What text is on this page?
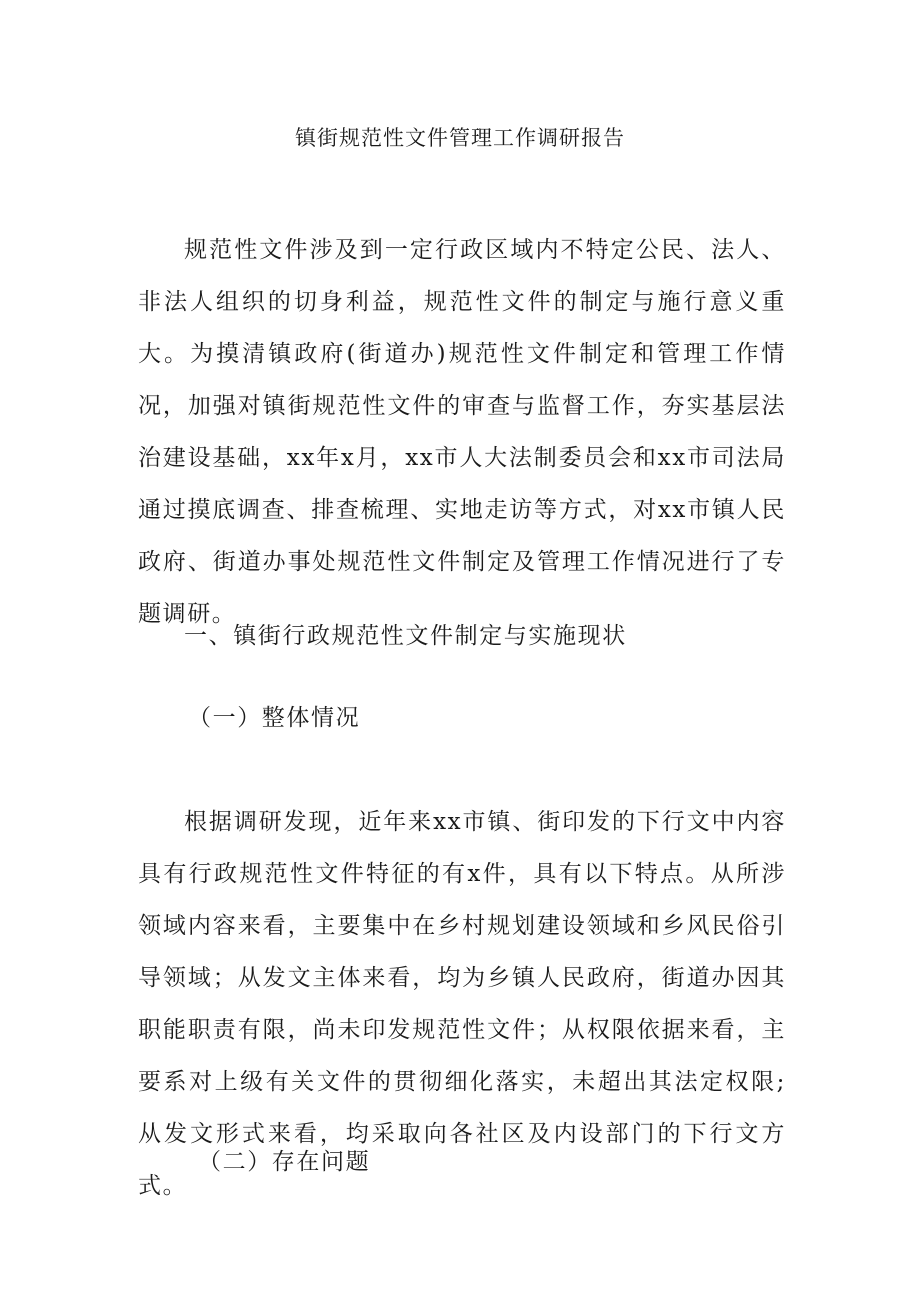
镇街规范性文件管理工作调研报告

规范性文件涉及到一定行政区域内不特定公民、法人、非法人组织的切身利益，规范性文件的制定与施行意义重大。为摸清镇政府(街道办)规范性文件制定和管理工作情况，加强对镇街规范性文件的审查与监督工作，夯实基层法治建设基础，xx年x月，xx市人大法制委员会和xx市司法局通过摸底调查、排查梳理、实地走访等方式，对xx市镇人民政府、街道办事处规范性文件制定及管理工作情况进行了专题调研。

一、镇街行政规范性文件制定与实施现状

（一）整体情况

根据调研发现，近年来xx市镇、街印发的下行文中内容具有行政规范性文件特征的有x件，具有以下特点。从所涉领域内容来看，主要集中在乡村规划建设领域和乡风民俗引导领域；从发文主体来看，均为乡镇人民政府，街道办因其职能职责有限，尚未印发规范性文件；从权限依据来看，主要系对上级有关文件的贯彻细化落实，未超出其法定权限;从发文形式来看，均采取向各社区及内设部门的下行文方式。

（二）存在问题
